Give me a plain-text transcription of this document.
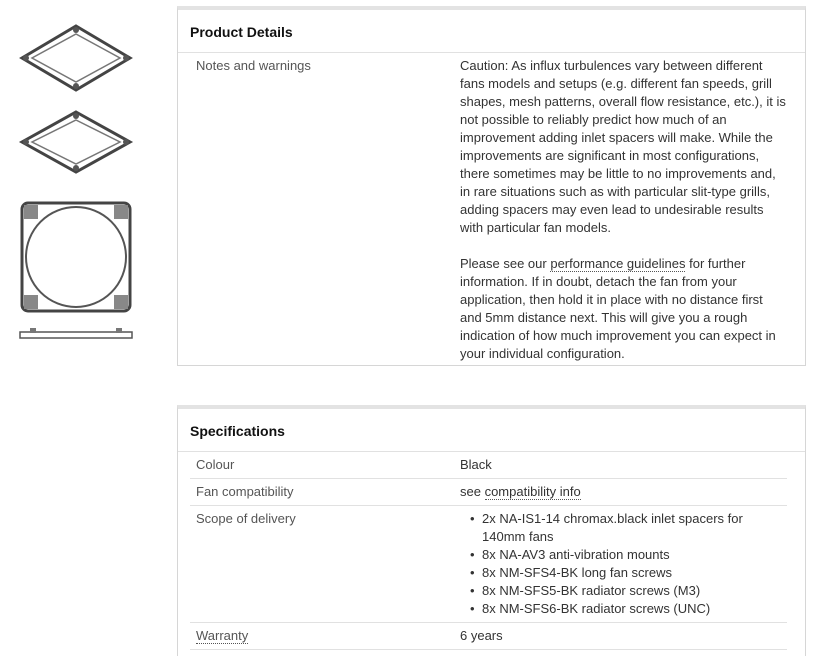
Product Details
Notes and warnings	Caution: As influx turbulences vary between different fans models and setups (e.g. different fan speeds, grill shapes, mesh patterns, overall flow resistance, etc.), it is not possible to reliably predict how much of an improvement adding inlet spacers will make. While the improvements are significant in most configurations, there sometimes may be little to no improvements and, in rare situations such as with particular slit-type grills, adding spacers may even lead to undesirable results with particular fan models.
Please see our performance guidelines for further information. If in doubt, detach the fan from your application, then hold it in place with no distance first and 5mm distance next. This will give you a rough indication of how much improvement you can expect in your individual configuration.
Specifications
Colour	Black
Fan compatibility	see compatibility info
Scope of delivery
•	2x NA-IS1-14 chromax.black inlet spacers for 140mm fans
• 8x NA-AV3 anti-vibration mounts
• 8x NM-SFS4-BK long fan screws
• 8x NM-SFS5-BK radiator screws (M3)
• 8x NM-SFS6-BK radiator screws (UNC)
Warranty	6 years
